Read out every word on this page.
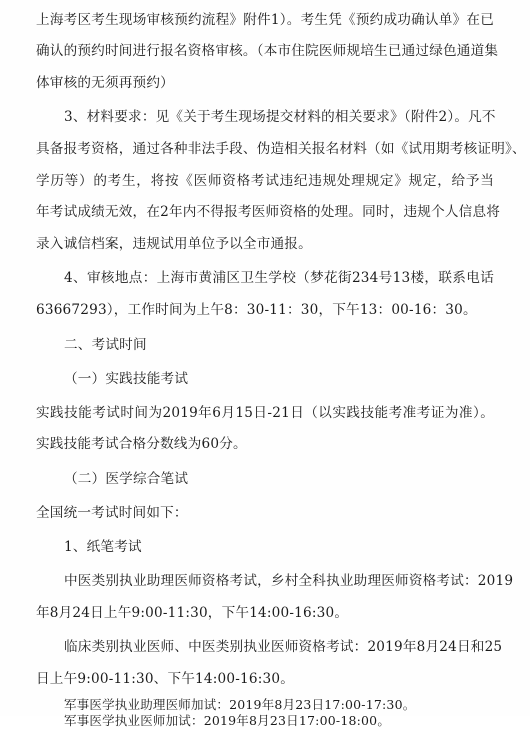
上海考区考生现场审核预约流程》附件1）。考生凭《预约成功确认单》在已
确认的预约时间进行报名资格审核。（本市住院医师规培生已通过绿色通道集
体审核的无须再预约）
3、材料要求：见《关于考生现场提交材料的相关要求》（附件2）。凡不
具备报考资格，通过各种非法手段、伪造相关报名材料（如《试用期考核证明》、
学历等）的考生，将按《医师资格考试违纪违规处理规定》规定，给予当
年考试成绩无效，在2年内不得报考医师资格的处理。同时，违规个人信息将
录入诚信档案，违规试用单位予以全市通报。
4、审核地点：上海市黄浦区卫生学校（梦花街234号13楼，联系电话
63667293），工作时间为上午8：30-11：30，下午13：00-16：30。
二、考试时间
（一）实践技能考试
实践技能考试时间为2019年6月15日-21日（以实践技能考准考证为准）。
实践技能考试合格分数线为60分。
（二）医学综合笔试
全国统一考试时间如下：
1、纸笔考试
中医类别执业助理医师资格考试，乡村全科执业助理医师资格考试：2019
年8月24日上午9:00-11:30，下午14:00-16:30。
临床类别执业医师、中医类别执业医师资格考试：2019年8月24日和25
日上午9:00-11:30、下午14:00-16:30。
军事医学执业助理医师加试：2019年8月23日17:00-17:30。
军事医学执业医师加试：2019年8月23日17:00-18:00。
